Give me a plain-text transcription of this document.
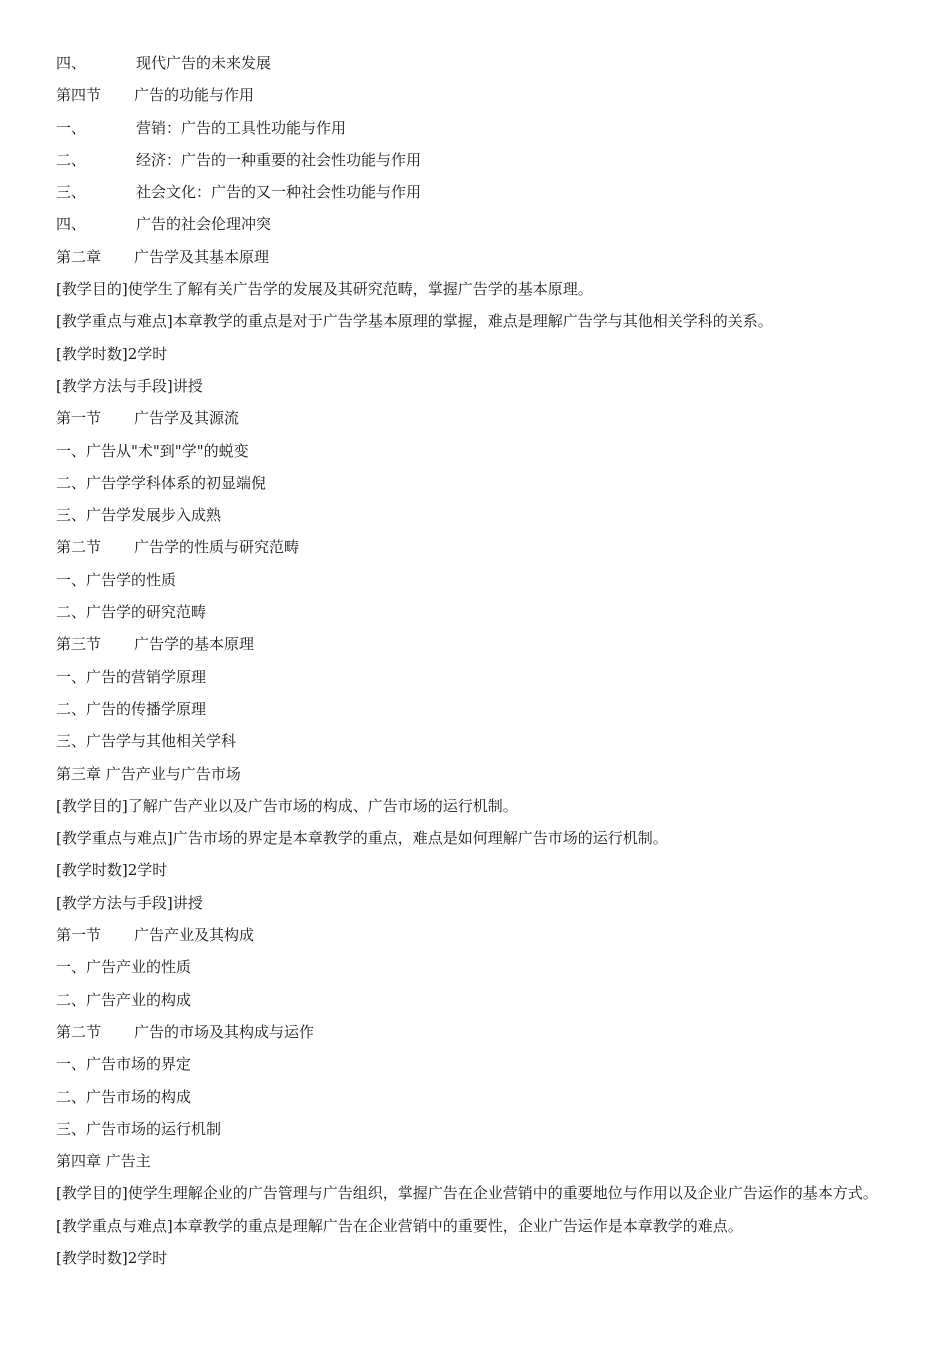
四、	现代广告的未来发展
第四节 广告的功能与作用
一、	营销：广告的工具性功能与作用
二、	经济：广告的一种重要的社会性功能与作用
三、	社会文化：广告的又一种社会性功能与作用
四、	广告的社会伦理冲突
第二章 广告学及其基本原理
[教学目的]使学生了解有关广告学的发展及其研究范畴，掌握广告学的基本原理。
[教学重点与难点]本章教学的重点是对于广告学基本原理的掌握，难点是理解广告学与其他相关学科的关系。
[教学时数]2学时
[教学方法与手段]讲授
第一节 广告学及其源流
一、广告从"术"到"学"的蜕变
二、广告学学科体系的初显端倪
三、广告学发展步入成熟
第二节 广告学的性质与研究范畴
一、广告学的性质
二、广告学的研究范畴
第三节 广告学的基本原理
一、广告的营销学原理
二、广告的传播学原理
三、广告学与其他相关学科
第三章 广告产业与广告市场
[教学目的]了解广告产业以及广告市场的构成、广告市场的运行机制。
[教学重点与难点]广告市场的界定是本章教学的重点，难点是如何理解广告市场的运行机制。
[教学时数]2学时
[教学方法与手段]讲授
第一节 广告产业及其构成
一、广告产业的性质
二、广告产业的构成
第二节 广告的市场及其构成与运作
一、广告市场的界定
二、广告市场的构成
三、广告市场的运行机制
第四章 广告主
[教学目的]使学生理解企业的广告管理与广告组织，掌握广告在企业营销中的重要地位与作用以及企业广告运作的基本方式。
[教学重点与难点]本章教学的重点是理解广告在企业营销中的重要性，企业广告运作是本章教学的难点。
[教学时数]2学时
